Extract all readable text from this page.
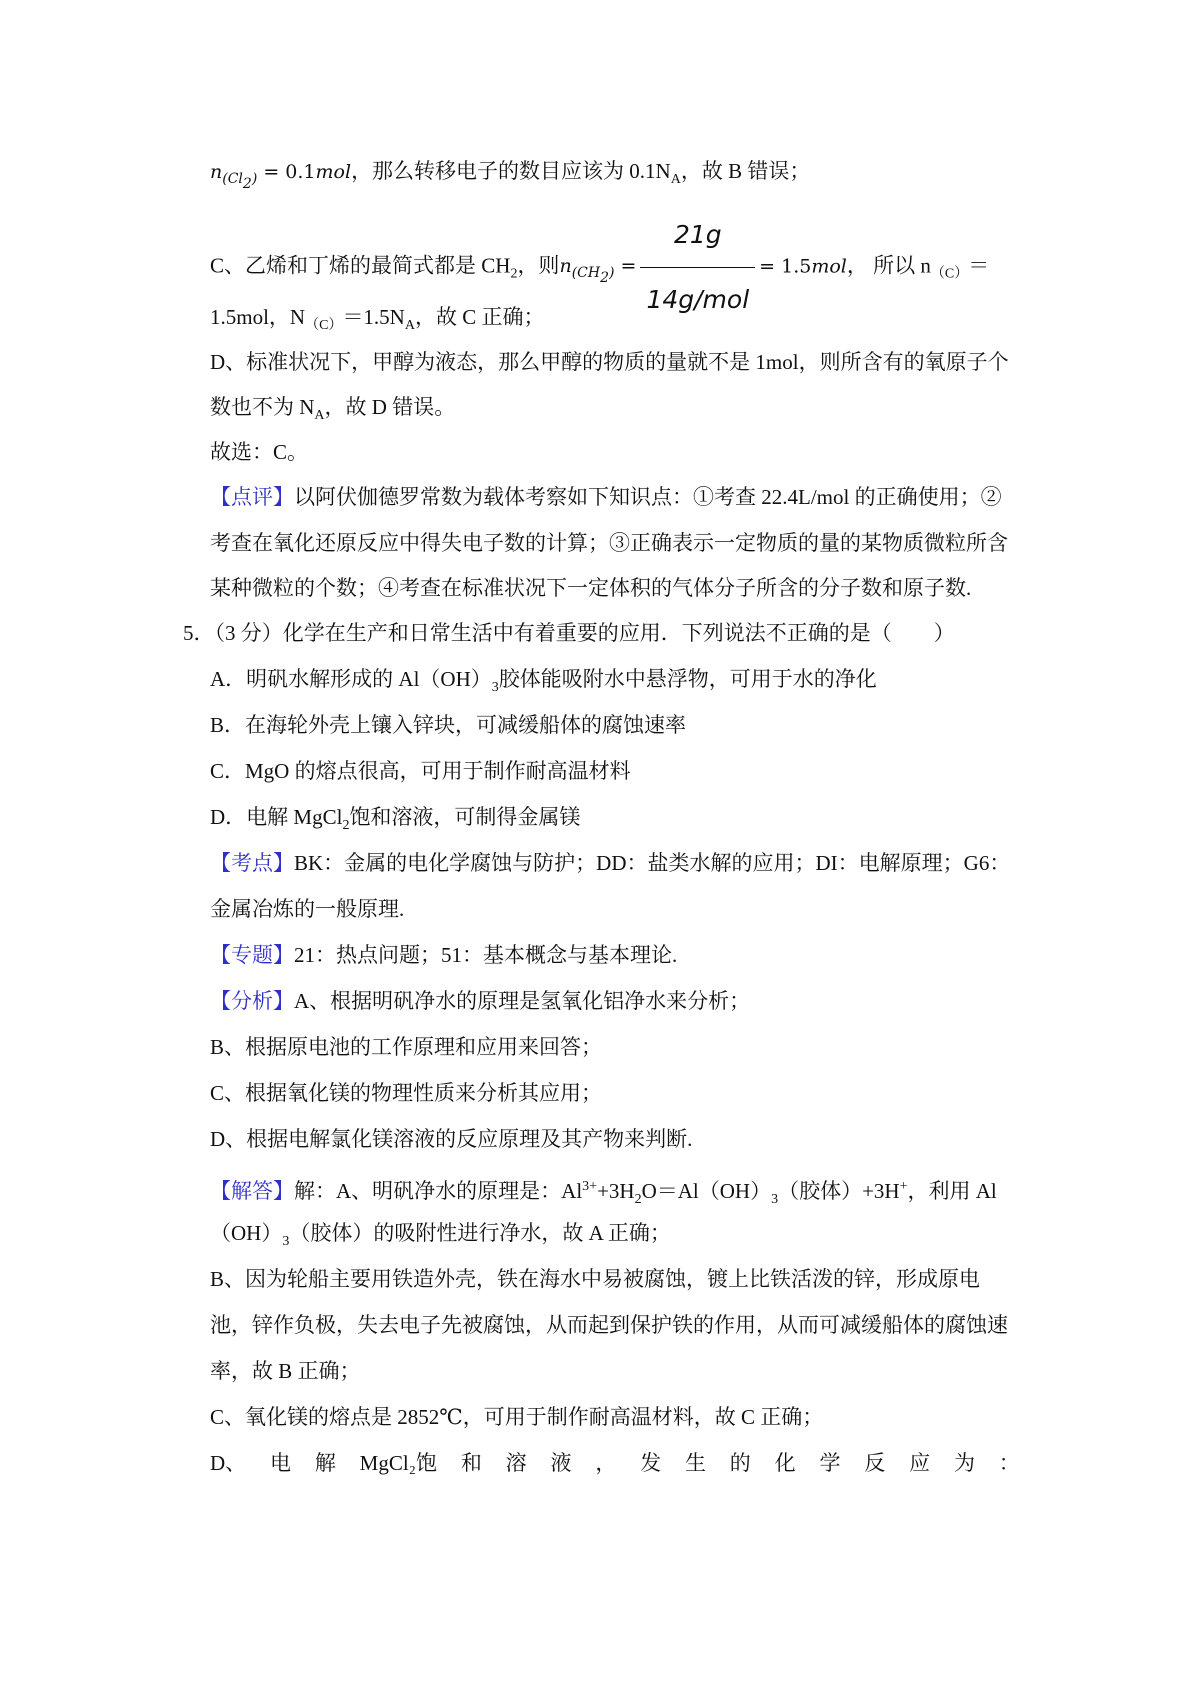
$n_{(Cl2)} = 0.1mol$，那么转移电子的数目应该为 $0.1N_A$，故 B 错误；
C、乙烯和丁烯的最简式都是 $CH_2$，则$n_{(CH2)} = \frac{21g}{\text{14g/mol}} = 1.5mol$， 所以 $n_{(C)}=$
1.5mol，$N_{(C)}=1.5N_A$，故 C 正确；
D、标准状况下，甲醇为液态，那么甲醇的物质的量就不是 1mol，则所含有的氧原子个
数也不为 $N_A$，故 D 错误。
故选：C。
【点评】以阿伏伽德罗常数为载体考察如下知识点：①考查 22.4L/mol 的正确使用；②
考查在氧化还原反应中得失电子数的计算；③正确表示一定物质的量的某物质微粒所含
某种微粒的个数；④考查在标准状况下一定体积的气体分子所含的分子数和原子数.
5．（3 分）化学在生产和日常生活中有着重要的应用．下列说法不正确的是（　　）
A．明矾水解形成的 $Al(OH)_3$胶体能吸附水中悬浮物，可用于水的净化
B．在海轮外壳上镶入锌块，可减缓船体的腐蚀速率
C．MgO 的熔点很高，可用于制作耐高温材料
D．电解 MgCl$_2$饱和溶液，可制得金属镁
【考点】BK：金属的电化学腐蚀与防护；DD：盐类水解的应用；DI：电解原理；G6：
金属冶炼的一般原理.
【专题】21：热点问题；51：基本概念与基本理论.
【分析】A、根据明矾净水的原理是氢氧化铝净水来分析；
B、根据原电池的工作原理和应用来回答；
C、根据氧化镁的物理性质来分析其应用；
D、根据电解氯化镁溶液的反应原理及其产物来判断.
【解答】解：A、明矾净水的原理是：$Al^{3+}+3H_2O=Al(OH)_3$（胶体）+3H+，利用 Al
$(OH)_3$（胶体）的吸附性进行净水，故 A 正确；
B、因为轮船主要用铁造外壳，铁在海水中易被腐蚀，镀上比铁活泼的锌，形成原电
池，锌作负极，失去电子先被腐蚀，从而起到保护铁的作用，从而可减缓船体的腐蚀速
率，故 B 正确；
C、氧化镁的熔点是 2852℃，可用于制作耐高温材料，故 C 正确；
D、 电 解 MgCl₂饱 和 溶 液 ， 发 生 的 化 学 反 应 为 ：
